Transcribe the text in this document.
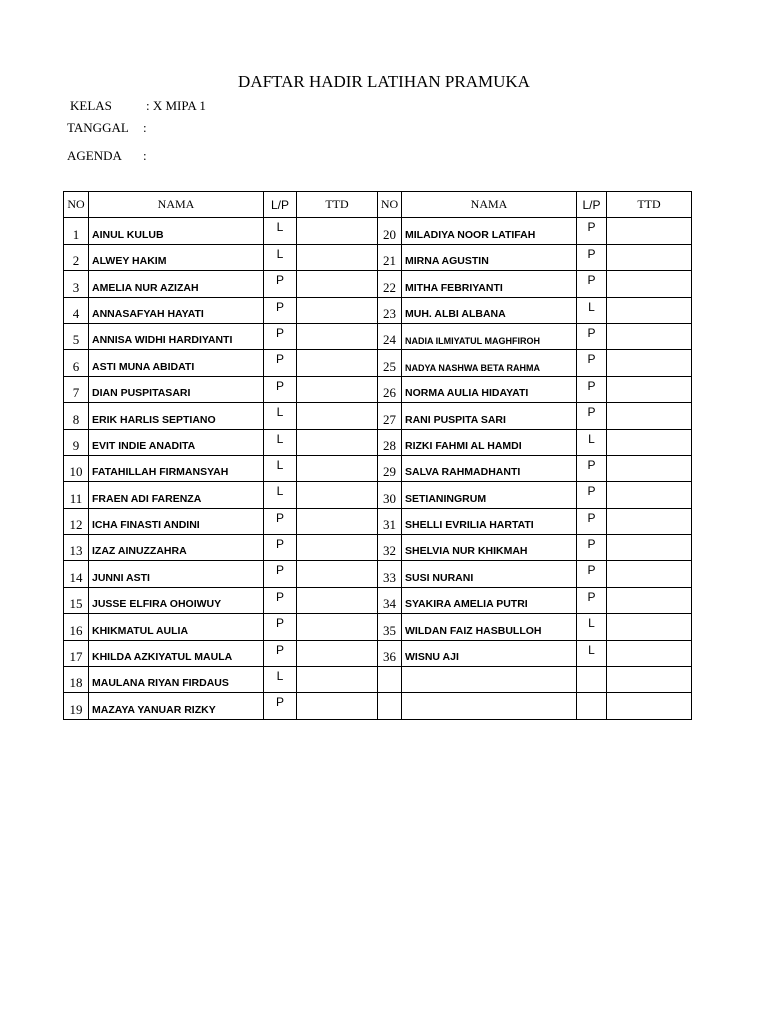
DAFTAR HADIR LATIHAN PRAMUKA
KELAS	: X MIPA 1
TANGGAL :
AGENDA :
NO	NAMA	L/P	TTD	NO	NAMA	L/P	TTD
1	AINUL KULUB	L		20	MILADIYA NOOR LATIFAH	P	
2	ALWEY HAKIM	L		21	MIRNA AGUSTIN	P	
3	AMELIA NUR AZIZAH	P		22	MITHA FEBRIYANTI	P	
4	ANNASAFYAH HAYATI	P		23	MUH. ALBI ALBANA	L	
5	ANNISA WIDHI HARDIYANTI	P		24	NADIA ILMIYATUL MAGHFIROH	P	
6	ASTI MUNA ABIDATI	P		25	NADYA NASHWA BETA RAHMA	P	
7	DIAN PUSPITASARI	P		26	NORMA AULIA HIDAYATI	P	
8	ERIK HARLIS SEPTIANO	L		27	RANI PUSPITA SARI	P	
9	EVIT INDIE ANADITA	L		28	RIZKI FAHMI AL HAMDI	L	
10	FATAHILLAH FIRMANSYAH	L		29	SALVA RAHMADHANTI	P	
11	FRAEN ADI FARENZA	L		30	SETIANINGRUM	P	
12	ICHA FINASTI ANDINI	P		31	SHELLI EVRILIA HARTATI	P	
13	IZAZ AINUZZAHRA	P		32	SHELVIA NUR KHIKMAH	P	
14	JUNNI ASTI	P		33	SUSI NURANI	P	
15	JUSSE ELFIRA OHOIWUY	P		34	SYAKIRA AMELIA PUTRI	P	
16	KHIKMATUL AULIA	P		35	WILDAN FAIZ HASBULLOH	L	
17	KHILDA AZKIYATUL MAULA	P		36	WISNU AJI	L	
18	MAULANA RIYAN FIRDAUS	L					
19	MAZAYA YANUAR RIZKY	P					
